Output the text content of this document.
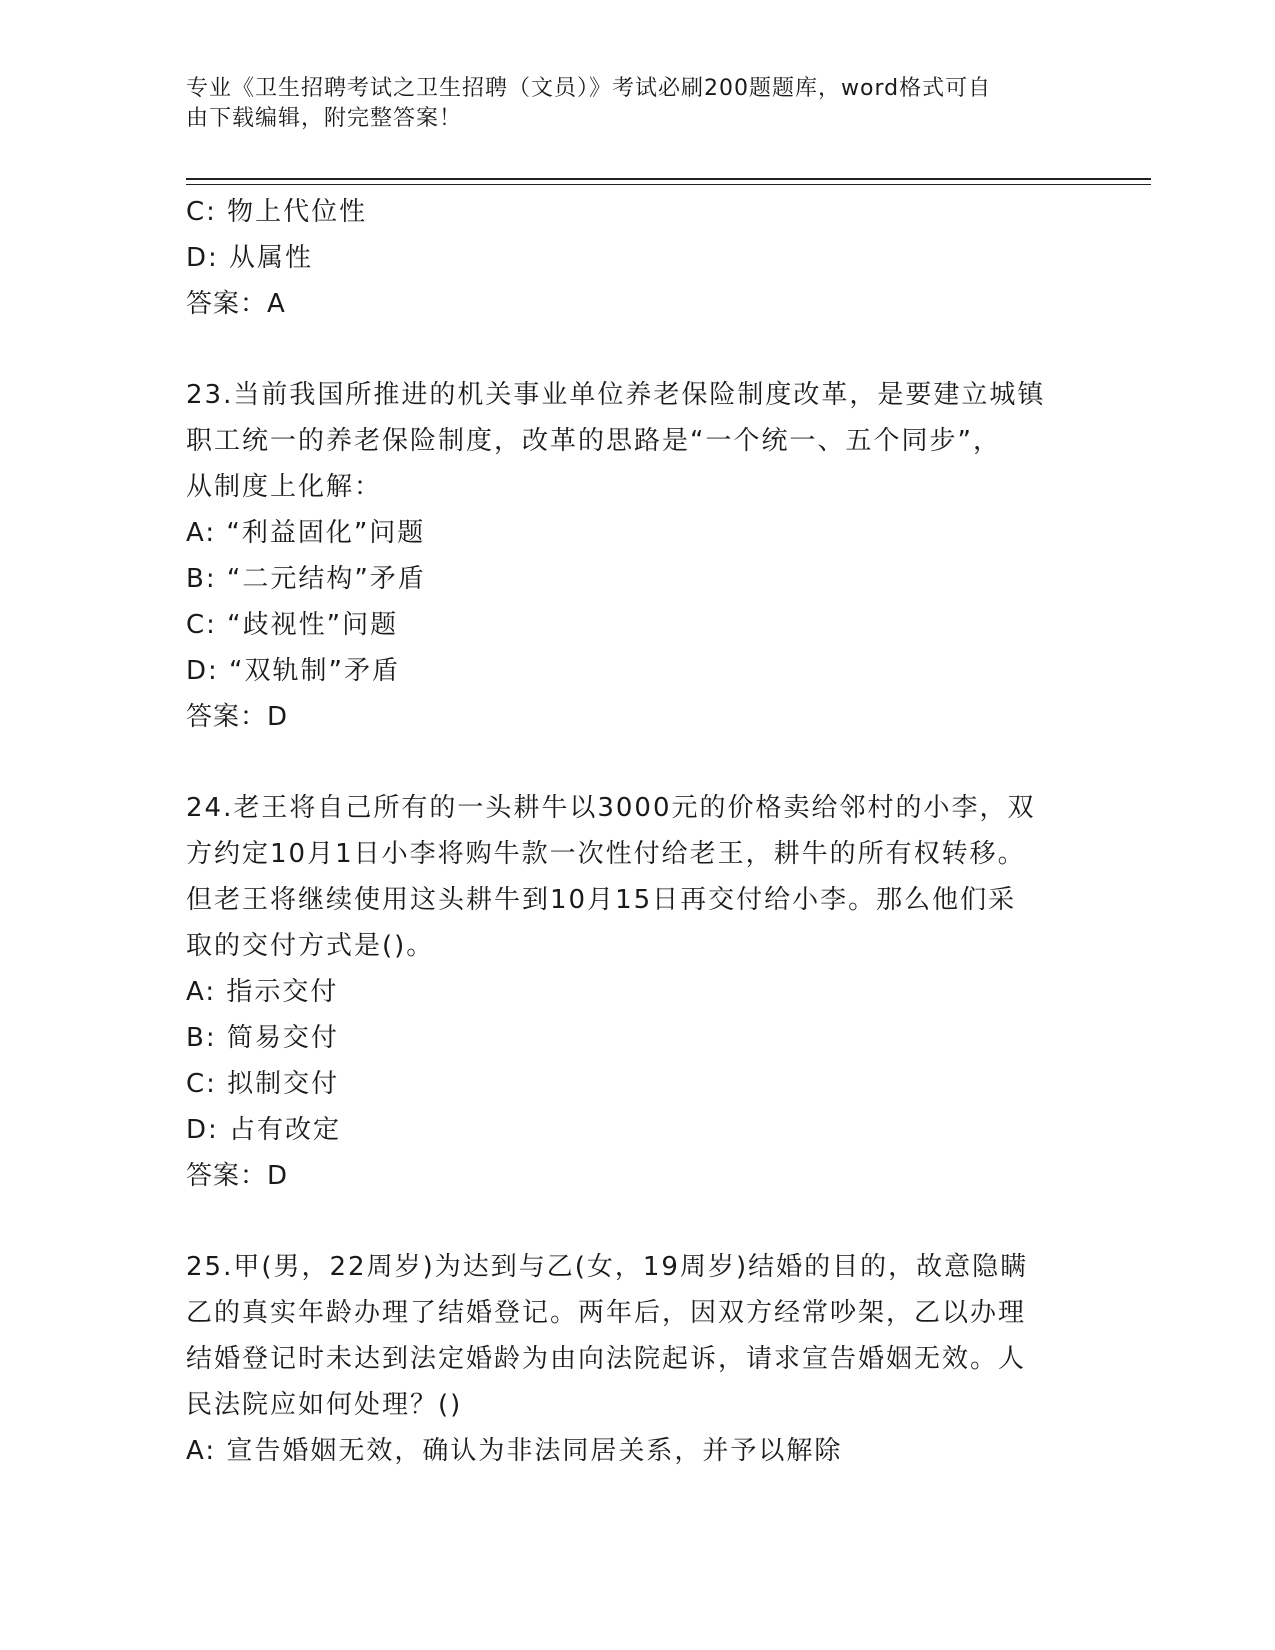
专业《卫生招聘考试之卫生招聘（文员）》考试必刷200题题库，word格式可自
由下载编辑，附完整答案！
C: 物上代位性
D: 从属性
答案：A
23.当前我国所推进的机关事业单位养老保险制度改革，是要建立城镇
职工统一的养老保险制度，改革的思路是“一个统一、五个同步”，
从制度上化解：
A: “利益固化”问题
B: “二元结构”矛盾
C: “歧视性”问题
D: “双轨制”矛盾
答案：D
24.老王将自己所有的一头耕牛以3000元的价格卖给邻村的小李，双
方约定10月1日小李将购牛款一次性付给老王，耕牛的所有权转移。
但老王将继续使用这头耕牛到10月15日再交付给小李。那么他们采
取的交付方式是()。
A: 指示交付
B: 简易交付
C: 拟制交付
D: 占有改定
答案：D
25.甲(男，22周岁)为达到与乙(女，19周岁)结婚的目的，故意隐瞒
乙的真实年龄办理了结婚登记。两年后，因双方经常吵架，乙以办理
结婚登记时未达到法定婚龄为由向法院起诉，请求宣告婚姻无效。人
民法院应如何处理？()
A: 宣告婚姻无效，确认为非法同居关系，并予以解除
